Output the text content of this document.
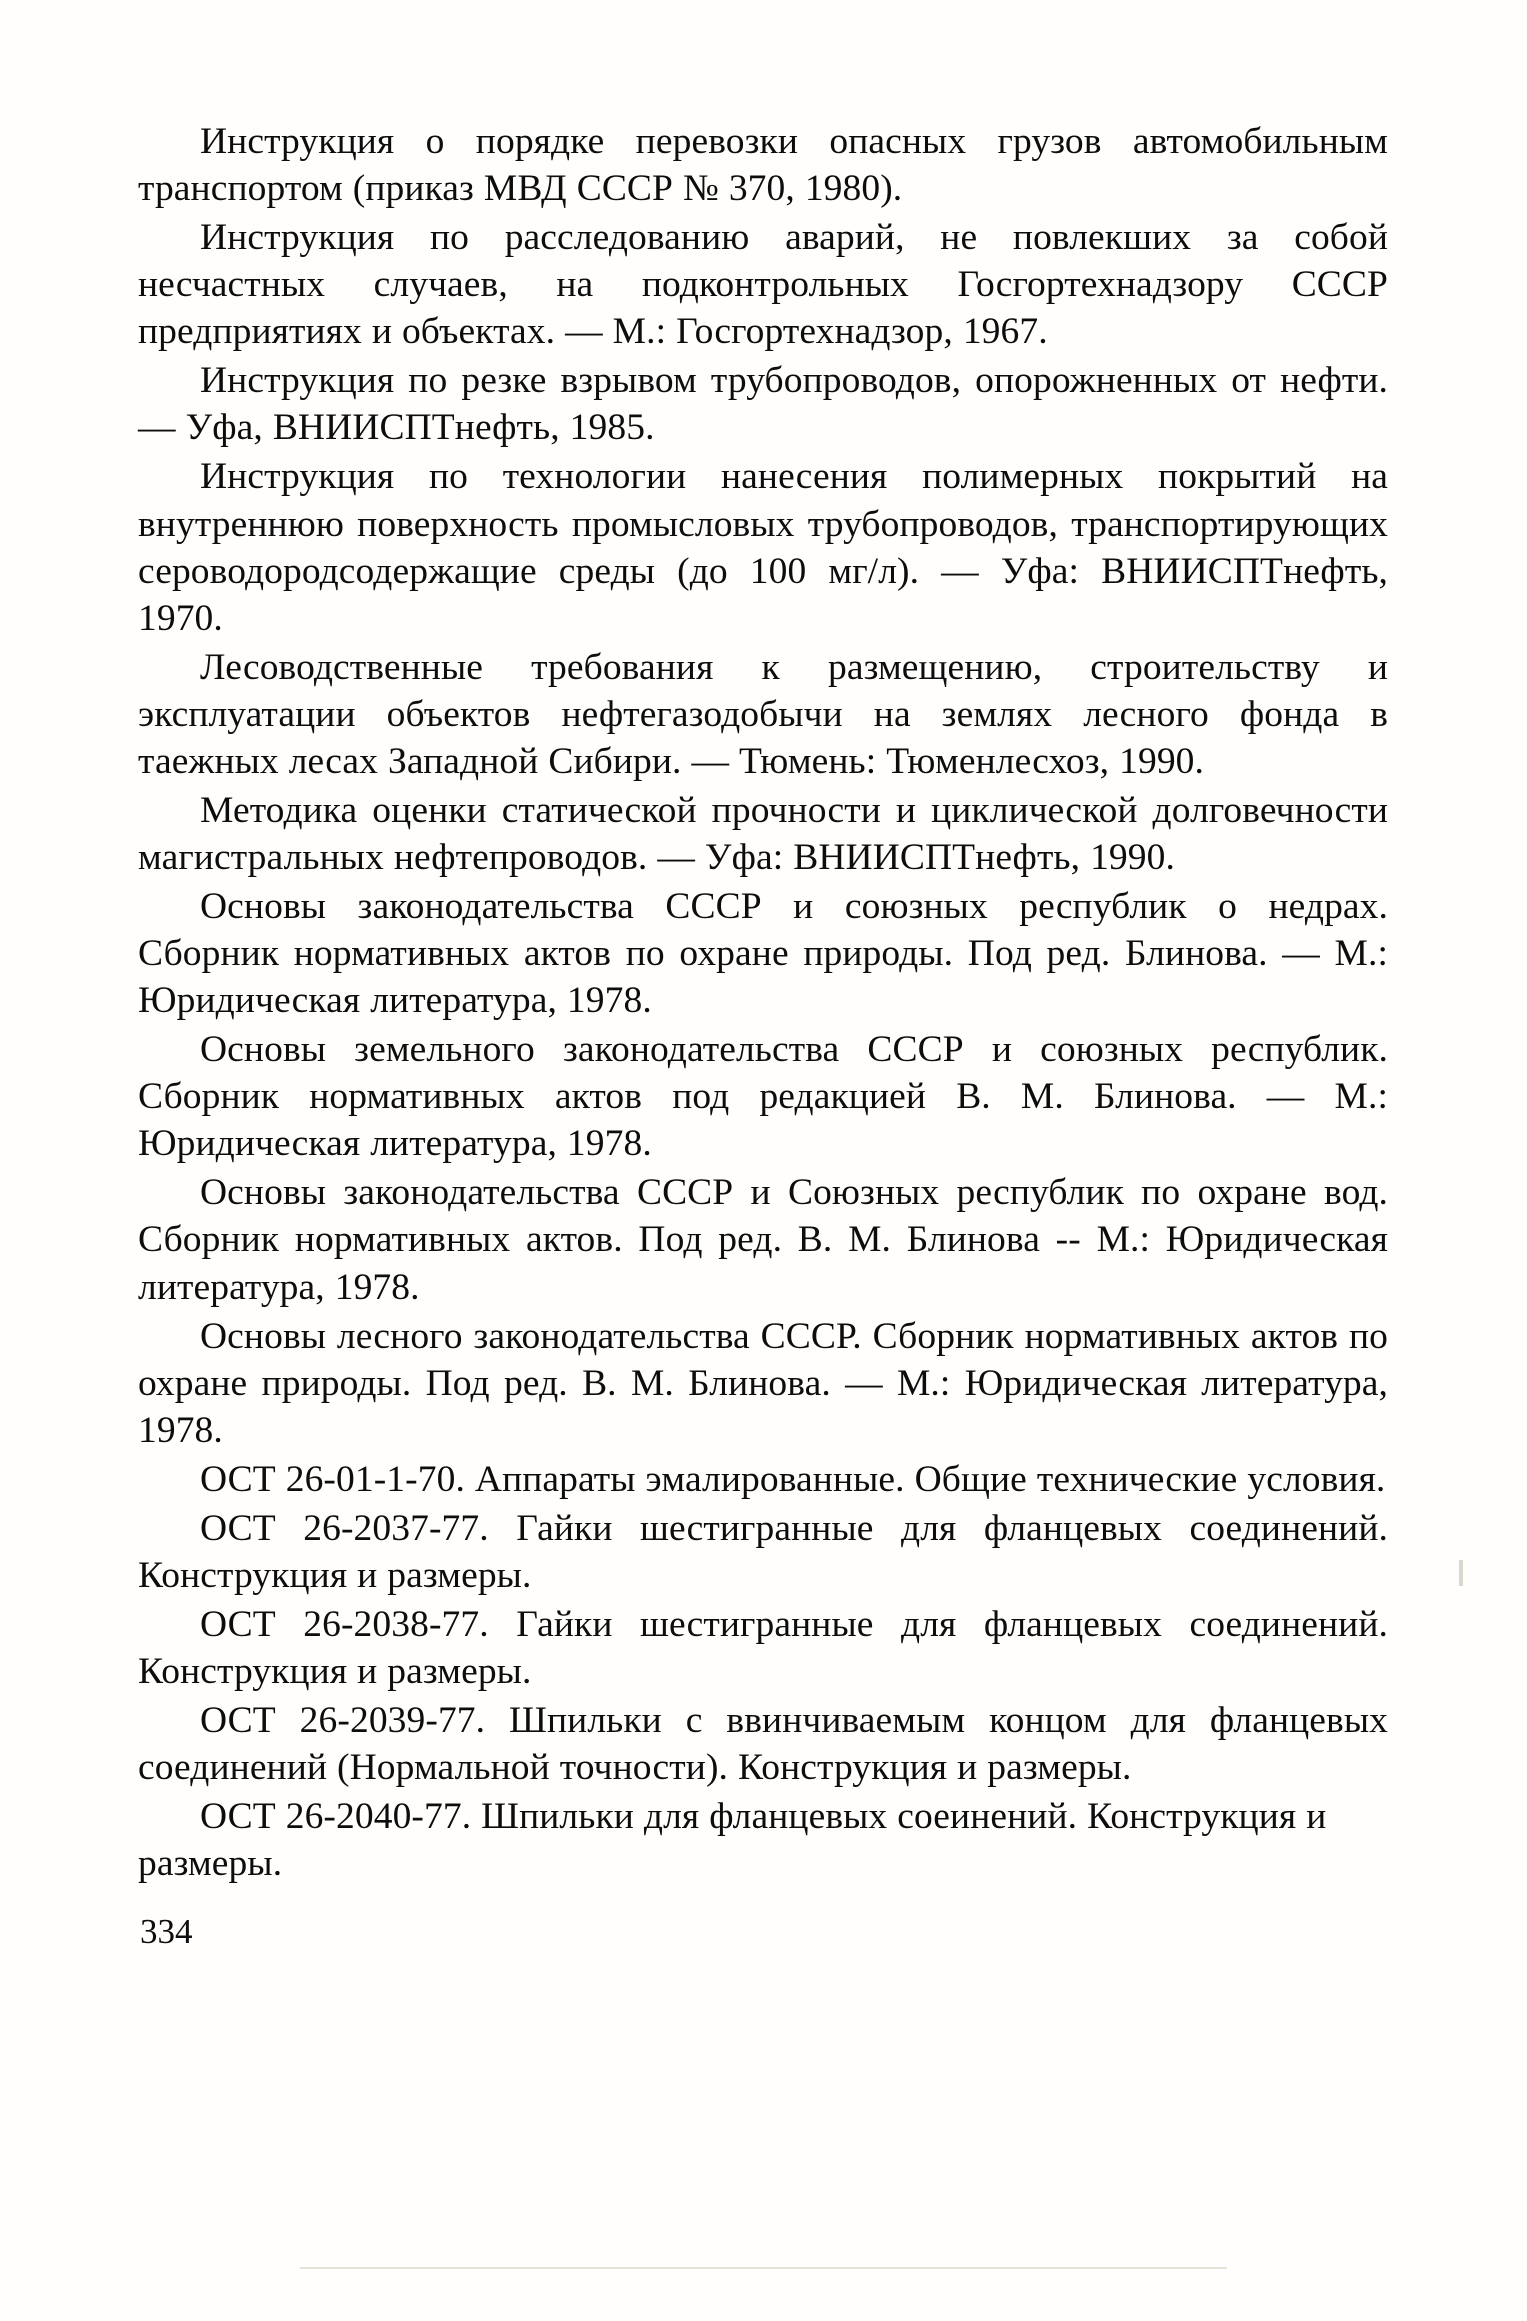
Инструкция о порядке перевозки опасных грузов автомобильным транспортом (приказ МВД СССР № 370, 1980).

Инструкция по расследованию аварий, не повлекших за собой несчастных случаев, на подконтрольных Госгортехнадзору СССР предприятиях и объектах. — М.: Госгортехнадзор, 1967.

Инструкция по резке взрывом трубопроводов, опорожненных от нефти.— Уфа, ВНИИСПТнефть, 1985.

Инструкция по технологии нанесения полимерных покрытий на внутреннюю поверхность промысловых трубопроводов, транспортирующих сероводородсодержащие среды (до 100 мг/л). — Уфа: ВНИИСПТнефть, 1970.

Лесоводственные требования к размещению, строительству и эксплуатации объектов нефтегазодобычи на землях лесного фонда в таежных лесах Западной Сибири. — Тюмень: Тюменлесхоз, 1990.

Методика оценки статической прочности и циклической долговечности магистральных нефтепроводов. — Уфа: ВНИИСПТнефть, 1990.

Основы законодательства СССР и союзных республик о недрах. Сборник нормативных актов по охране природы. Под ред. Блинова. — М.: Юридическая литература, 1978.

Основы земельного законодательства СССР и союзных республик. Сборник нормативных актов под редакцией В. М. Блинова. — М.: Юридическая литература, 1978.

Основы законодательства СССР и Союзных республик по охране вод. Сборник нормативных актов. Под ред. В. М. Блинова -- М.: Юридическая литература, 1978.

Основы лесного законодательства СССР. Сборник нормативных актов по охране природы. Под ред. В. М. Блинова. — М.: Юридическая литература, 1978.

ОСТ 26-01-1-70. Аппараты эмалированные. Общие технические условия.

ОСТ 26-2037-77. Гайки шестигранные для фланцевых соединений. Конструкция и размеры.

ОСТ 26-2038-77. Гайки шестигранные для фланцевых соединений. Конструкция и размеры.

ОСТ 26-2039-77. Шпильки с ввинчиваемым концом для фланцевых соединений (Нормальной точности). Конструкция и размеры.

ОСТ 26-2040-77. Шпильки для фланцевых соеинений. Конструкция и размеры.

334
